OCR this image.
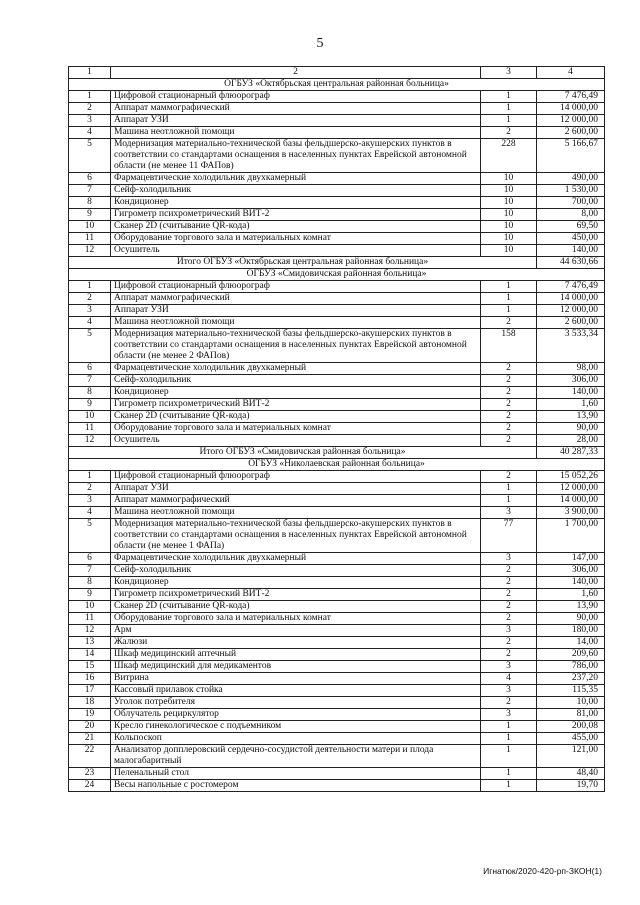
5
1	2	3	4
ОГБУЗ «Октябрьская центральная районная больница»			
1	Цифровой стационарный флюорограф	1	7 476,49
2	Аппарат маммографический	1	14 000,00
3	Аппарат УЗИ	1	12 000,00
4	Машина неотложной помощи	2	2 600,00
5	Модернизация материально-технической базы фельдшерско-акушерских пунктов в соответствии со стандартами оснащения в населенных пунктах Еврейской автономной области (не менее 11 ФАПов)	228	5 166,67
6	Фармацевтические холодильник двухкамерный	10	490,00
7	Сейф-холодильник	10	1 530,00
8	Кондиционер	10	700,00
9	Гигрометр психрометрический ВИТ-2	10	8,00
10	Сканер 2D (считывание QR-кода)	10	69,50
11	Оборудование торгового зала и материальных комнат	10	450,00
12	Осушитель	10	140,00
Итого ОГБУЗ «Октябрьская центральная районная больница»			44 630,66
ОГБУЗ «Смидовичская районная больница»			
1	Цифровой стационарный флюорограф	1	7 476,49
2	Аппарат маммографический	1	14 000,00
3	Аппарат УЗИ	1	12 000,00
4	Машина неотложной помощи	2	2 600,00
5	Модернизация материально-технической базы фельдшерско-акушерских пунктов в соответствии со стандартами оснащения в населенных пунктах Еврейской автономной области (не менее 2 ФАПов)	158	3 533,34
6	Фармацевтические холодильник двухкамерный	2	98,00
7	Сейф-холодильник	2	306,00
8	Кондиционер	2	140,00
9	Гигрометр психрометрический ВИТ-2	2	1,60
10	Сканер 2D (считывание QR-кода)	2	13,90
11	Оборудование торгового зала и материальных комнат	2	90,00
12	Осушитель	2	28,00
Итого ОГБУЗ «Смидовичская районная больница»			40 287,33
ОГБУЗ «Николаевская районная больница»			
1	Цифровой стационарный флюорограф	2	15 052,26
2	Аппарат УЗИ	1	12 000,00
3	Аппарат маммографический	1	14 000,00
4	Машина неотложной помощи	3	3 900,00
5	Модернизация материально-технической базы фельдшерско-акушерских пунктов в соответствии со стандартами оснащения в населенных пунктах Еврейской автономной области (не менее 1 ФАПа)	77	1 700,00
6	Фармацевтические холодильник двухкамерный	3	147,00
7	Сейф-холодильник	2	306,00
8	Кондиционер	2	140,00
9	Гигрометр психрометрический ВИТ-2	2	1,60
10	Сканер 2D (считывание QR-кода)	2	13,90
11	Оборудование торгового зала и материальных комнат	2	90,00
12	Арм	3	180,00
13	Жалюзи	2	14,00
14	Шкаф медицинский аптечный	2	209,60
15	Шкаф медицинский для медикаментов	3	786,00
16	Витрина	4	237,20
17	Кассовый прилавок стойка	3	115,35
18	Уголок потребителя	2	10,00
19	Облучатель рециркулятор	3	81,00
20	Кресло гинекологическое с подъемником	1	200,08
21	Кольпоскоп	1	455,00
22	Анализатор допплеровский сердечно-сосудистой деятельности матери и плода малогабаритный	1	121,00
23	Пеленальный стол	1	48,40
24	Весы напольные с ростомером	1	19,70
Игнатюк/2020-420-рп-ЗКОН(1)
